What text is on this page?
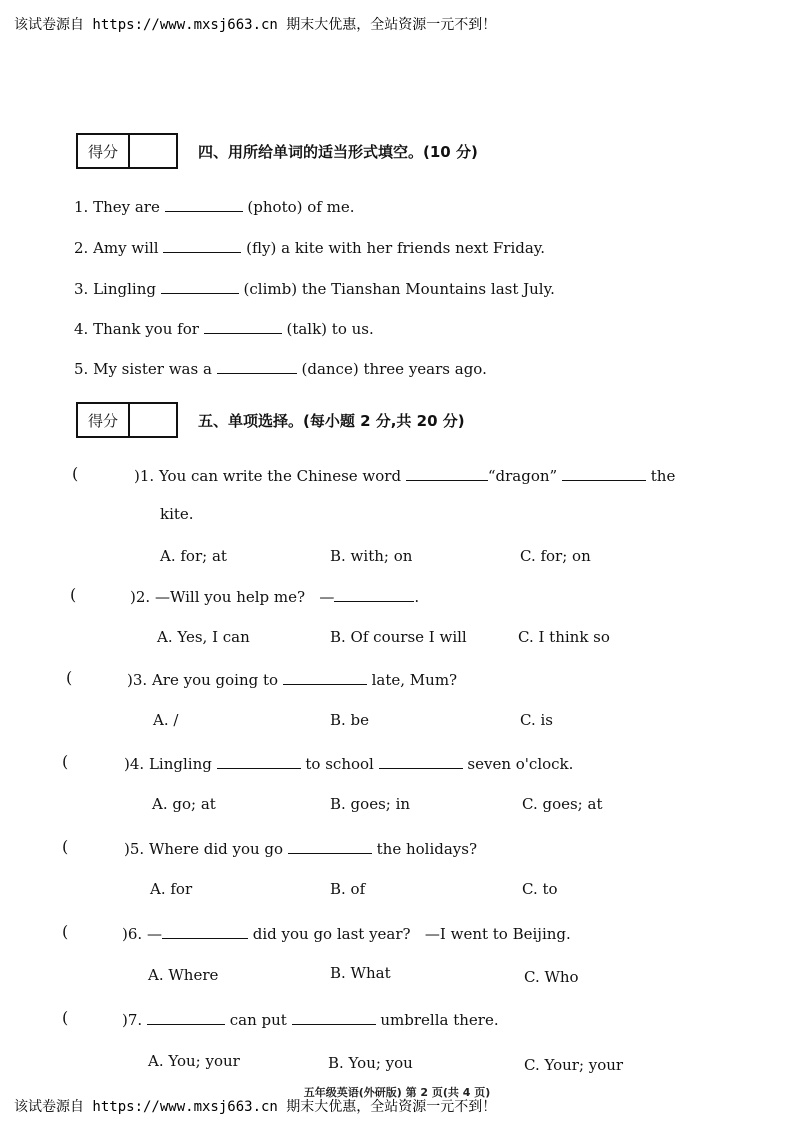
该试卷源自 https://www.mxsj663.cn 期末大优惠，全站资源一元不到！
得分	四、用所给单词的适当形式填空。(10 分)
1. They are	(photo) of me.
2. Amy will	(fly) a kite with her friends next Friday.
3. Lingling	(climb) the Tianshan Mountains last July.
4. Thank you for	(talk) to us.
5. My sister was a	(dance) three years ago.
得分	五、单项选择。(每小题 2 分,共 20 分)
(	)1. You can write the Chinese word	“dragon”	the
kite.
A. for; at	B. with; on	C. for; on
(	)2. —Will you help me? —	.
A. Yes, I can	B. Of course I will	C. I think so
(	)3. Are you going to	late, Mum?
A. /	B. be	C. is
(	)4. Lingling	to school	seven o'clock.
A. go; at	B. goes; in	C. goes; at
(	)5. Where did you go	the holidays?
A. for	B. of	C. to
(	)6. —	did you go last year? —I went to Beijing.
A. Where	B. What	C. Who
(	)7.	can put	umbrella there.
A. You; your	B. You; you	C. Your; your
五年级英语(外研版) 第 2 页(共 4 页)
该试卷源自 https://www.mxsj663.cn 期末大优惠，全站资源一元不到！
